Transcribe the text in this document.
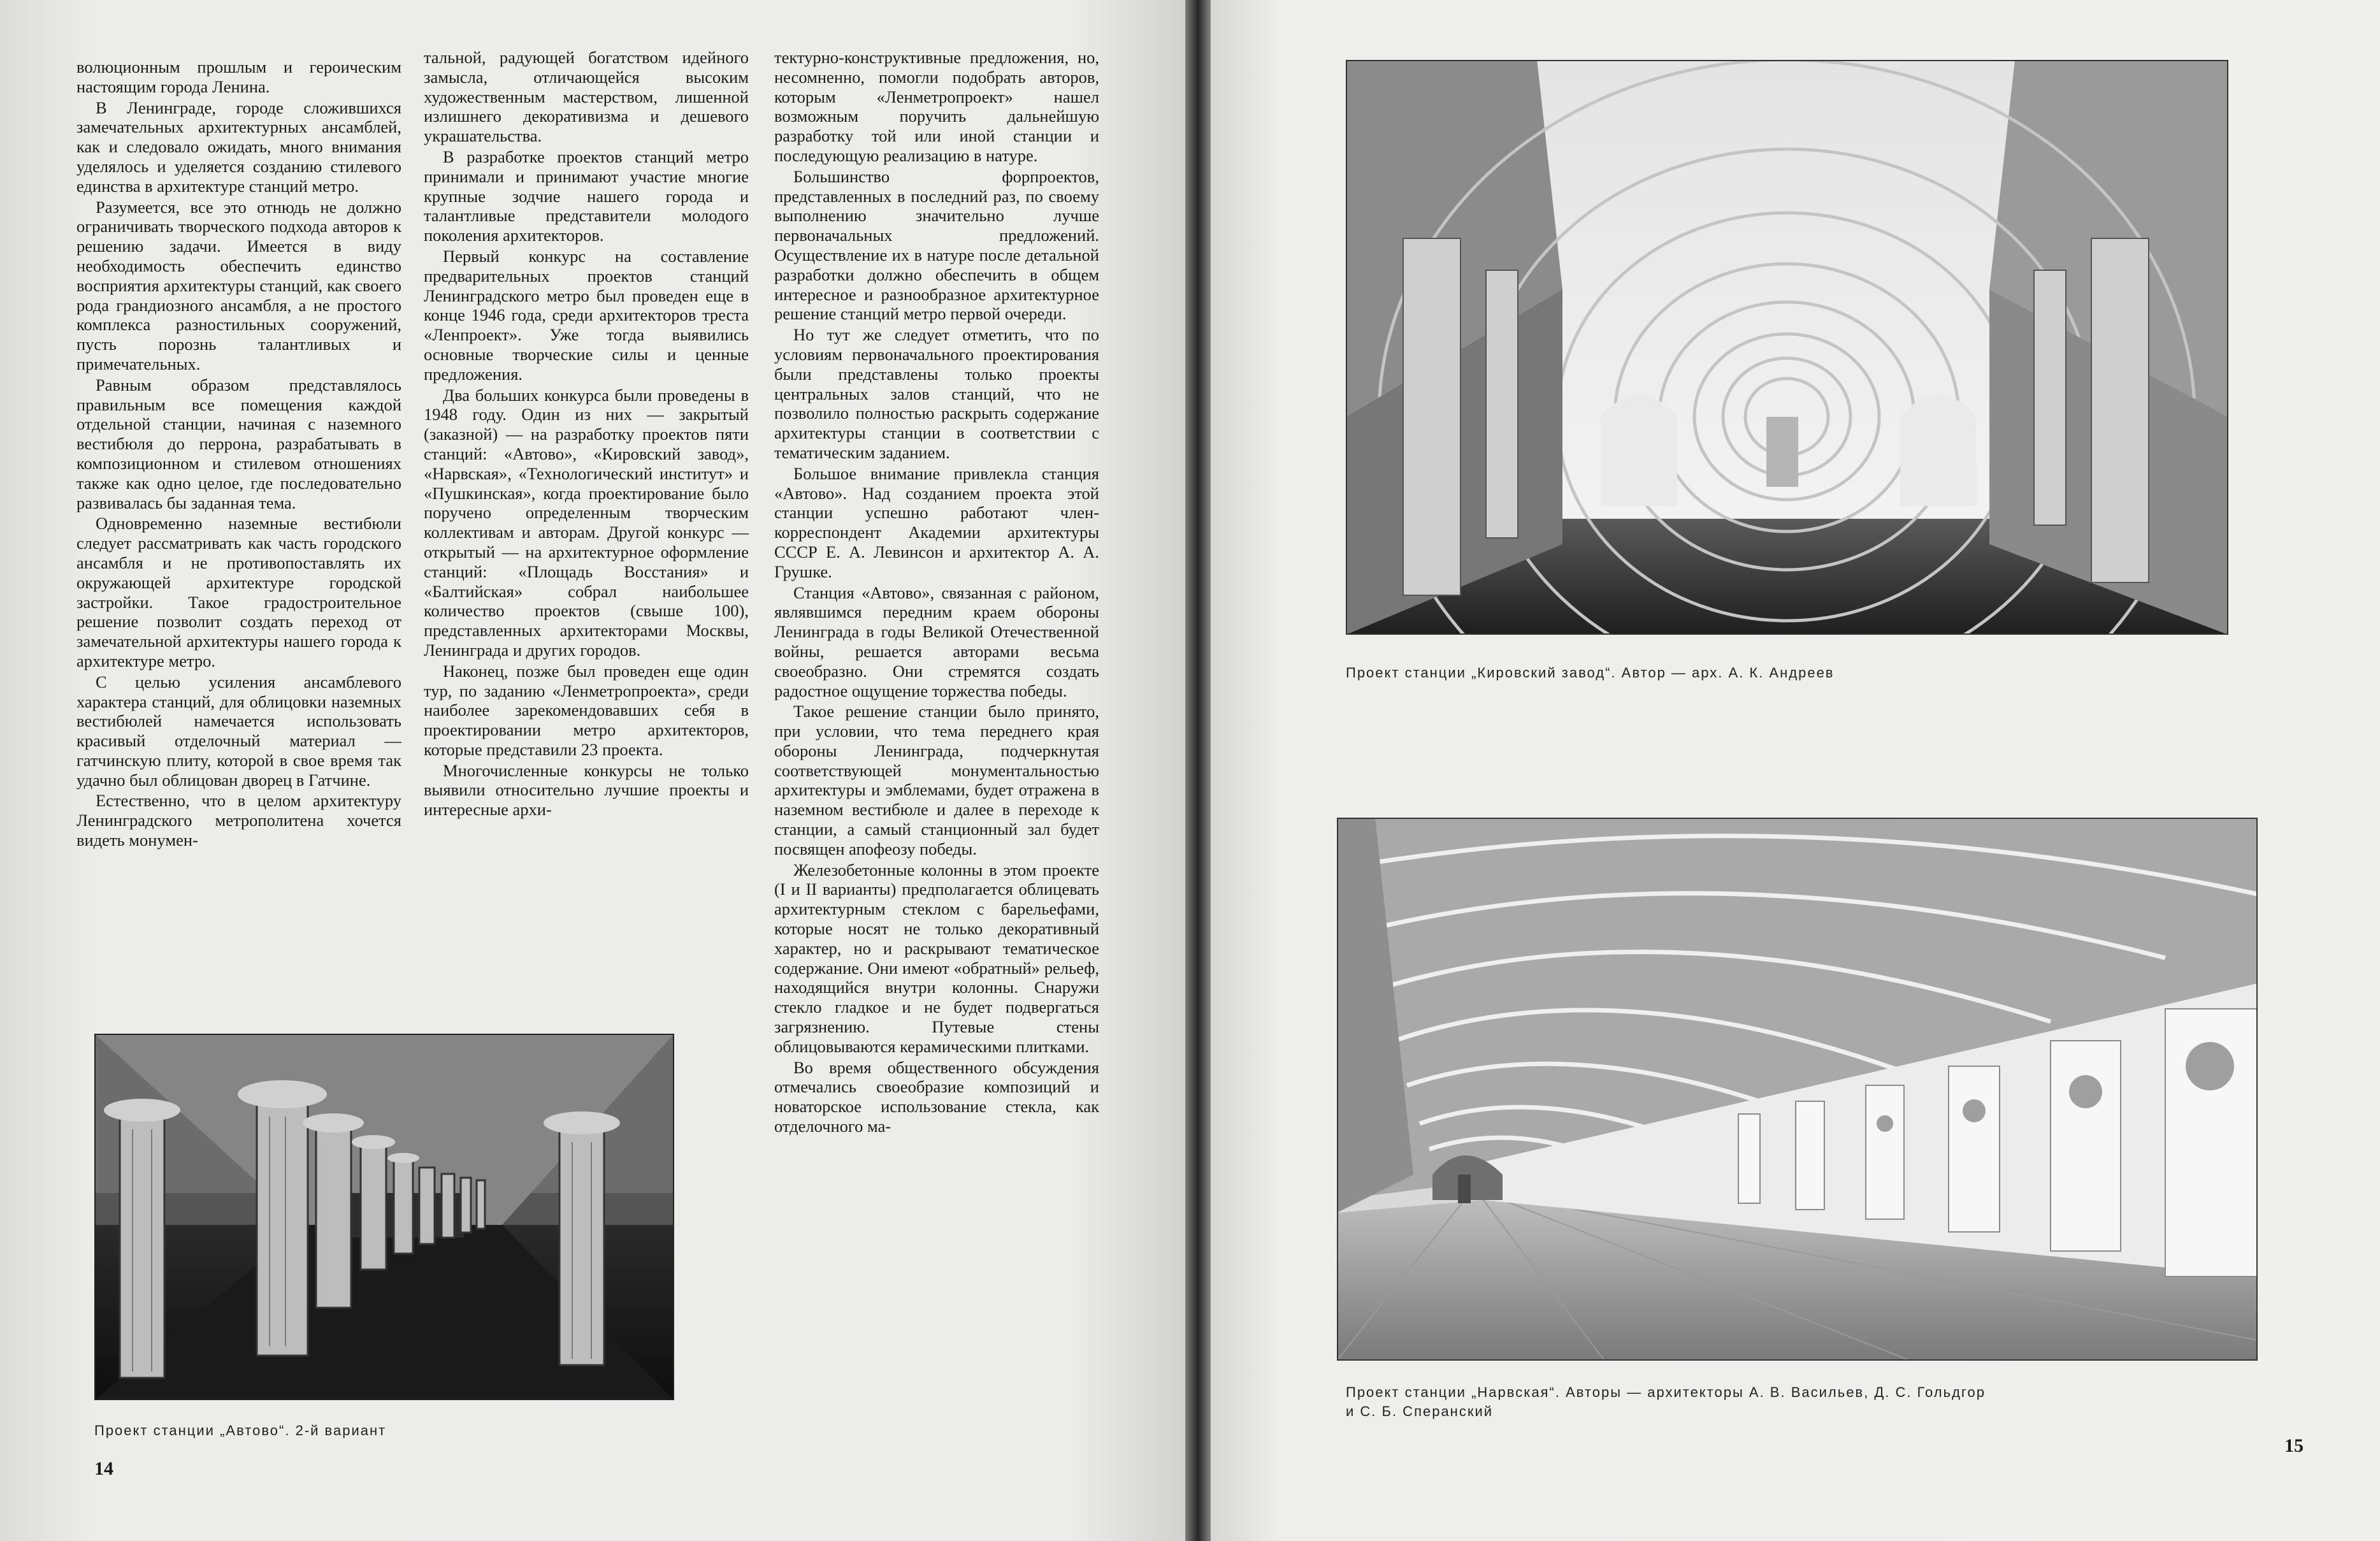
волюционным прошлым и героическим настоящим города Ленина.

В Ленинграде, городе сложившихся замечательных архитектурных ансамблей, как и следовало ожидать, много внимания уделялось и уделяется созданию стилевого единства в архитектуре станций метро.

Разумеется, все это отнюдь не должно ограничивать творческого подхода авторов к решению задачи. Имеется в виду необходимость обеспечить единство восприятия архитектуры станций, как своего рода грандиозного ансамбля, а не простого комплекса разностильных сооружений, пусть порознь талантливых и примечательных.

Равным образом представлялось правильным все помещения каждой отдельной станции, начиная с наземного вестибюля до перрона, разрабатывать в композиционном и стилевом отношениях также как одно целое, где последовательно развивалась бы заданная тема.

Одновременно наземные вестибюли следует рассматривать как часть городского ансамбля и не противопоставлять их окружающей архитектуре городской застройки. Такое градостроительное решение позволит создать переход от замечательной архитектуры нашего города к архитектуре метро.

С целью усиления ансамблевого характера станций, для облицовки наземных вестибюлей намечается использовать красивый отделочный материал — гатчинскую плиту, которой в свое время так удачно был облицован дворец в Гатчине.

Естественно, что в целом архитектуру Ленинградского метрополитена хочется видеть монумен-

тальной, радующей богатством идейного замысла, отличающейся высоким художественным мастерством, лишенной излишнего декоративизма и дешевого украшательства.

В разработке проектов станций метро принимали и принимают участие многие крупные зодчие нашего города и талантливые представители молодого поколения архитекторов.

Первый конкурс на составление предварительных проектов станций Ленинградского метро был проведен еще в конце 1946 года, среди архитекторов треста «Ленпроект». Уже тогда выявились основные творческие силы и ценные предложения.

Два больших конкурса были проведены в 1948 году. Один из них — закрытый (заказной) — на разработку проектов пяти станций: «Автово», «Кировский завод», «Нарвская», «Технологический институт» и «Пушкинская», когда проектирование было поручено определенным творческим коллективам и авторам. Другой конкурс — открытый — на архитектурное оформление станций: «Площадь Восстания» и «Балтийская» собрал наибольшее количество проектов (свыше 100), представленных архитекторами Москвы, Ленинграда и других городов.

Наконец, позже был проведен еще один тур, по заданию «Ленметропроекта», среди наиболее зарекомендовавших себя в проектировании метро архитекторов, которые представили 23 проекта.

Многочисленные конкурсы не только выявили относительно лучшие проекты и интересные архи-

тектурно-конструктивные предложения, но, несомненно, помогли подобрать авторов, которым «Ленметропроект» нашел возможным поручить дальнейшую разработку той или иной станции и последующую реализацию в натуре.

Большинство форпроектов, представленных в последний раз, по своему выполнению значительно лучше первоначальных предложений. Осуществление их в натуре после детальной разработки должно обеспечить в общем интересное и разнообразное архитектурное решение станций метро первой очереди.

Но тут же следует отметить, что по условиям первоначального проектирования были представлены только проекты центральных залов станций, что не позволило полностью раскрыть содержание архитектуры станции в соответствии с тематическим заданием.

Большое внимание привлекла станция «Автово». Над созданием проекта этой станции успешно работают член-корреспондент Академии архитектуры СССР Е. А. Левинсон и архитектор А. А. Грушке.

Станция «Автово», связанная с районом, являвшимся передним краем обороны Ленинграда в годы Великой Отечественной войны, решается авторами весьма своеобразно. Они стремятся создать радостное ощущение торжества победы.

Такое решение станции было принято, при условии, что тема переднего края обороны Ленинграда, подчеркнутая соответствующей монументальностью архитектуры и эмблемами, будет отражена в наземном вестибюле и далее в переходе к станции, а самый станционный зал будет посвящен апофеозу победы.

Железобетонные колонны в этом проекте (I и II варианты) предполагается облицевать архитектурным стеклом с барельефами, которые носят не только декоративный характер, но и раскрывают тематическое содержание. Они имеют «обратный» рельеф, находящийся внутри колонны. Снаружи стекло гладкое и не будет подвергаться загрязнению. Путевые стены облицовываются керамическими плитками.

Во время общественного обсуждения отмечались своеобразие композиций и новаторское использование стекла, как отделочного ма-

Проект станции „Автово“. 2-й вариант
14
Проект станции „Кировский завод“. Автор — арх. А. К. Андреев
Проект станции „Нарвская“. Авторы — архитекторы А. В. Васильев, Д. С. Гольдгор
и С. Б. Сперанский
15
